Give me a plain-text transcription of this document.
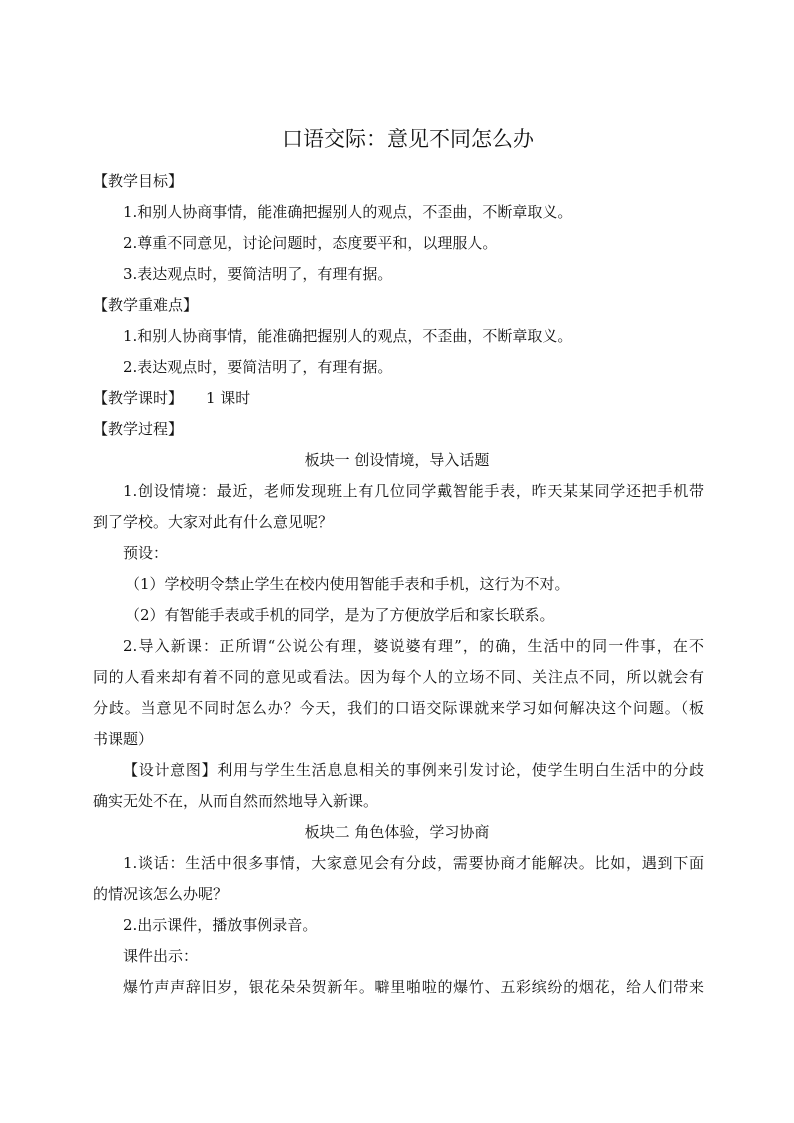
口语交际：意见不同怎么办
【教学目标】
1.和别人协商事情，能准确把握别人的观点，不歪曲，不断章取义。
2.尊重不同意见，讨论问题时，态度要平和，以理服人。
3.表达观点时，要简洁明了，有理有据。
【教学重难点】
1.和别人协商事情，能准确把握别人的观点，不歪曲，不断章取义。
2.表达观点时，要简洁明了，有理有据。
【教学课时】 1 课时
【教学过程】
板块一 创设情境，导入话题
1.创设情境：最近，老师发现班上有几位同学戴智能手表，昨天某某同学还把手机带
到了学校。大家对此有什么意见呢？
预设：
（1）学校明令禁止学生在校内使用智能手表和手机，这行为不对。
（2）有智能手表或手机的同学，是为了方便放学后和家长联系。
2.导入新课：正所谓“公说公有理，婆说婆有理”，的确，生活中的同一件事，在不
同的人看来却有着不同的意见或看法。因为每个人的立场不同、关注点不同，所以就会有
分歧。当意见不同时怎么办？今天，我们的口语交际课就来学习如何解决这个问题。（板
书课题）
【设计意图】利用与学生生活息息相关的事例来引发讨论，使学生明白生活中的分歧
确实无处不在，从而自然而然地导入新课。
板块二 角色体验，学习协商
1.谈话：生活中很多事情，大家意见会有分歧，需要协商才能解决。比如，遇到下面
的情况该怎么办呢？
2.出示课件，播放事例录音。
课件出示：
爆竹声声辞旧岁，银花朵朵贺新年。噼里啪啦的爆竹、五彩缤纷的烟花，给人们带来
